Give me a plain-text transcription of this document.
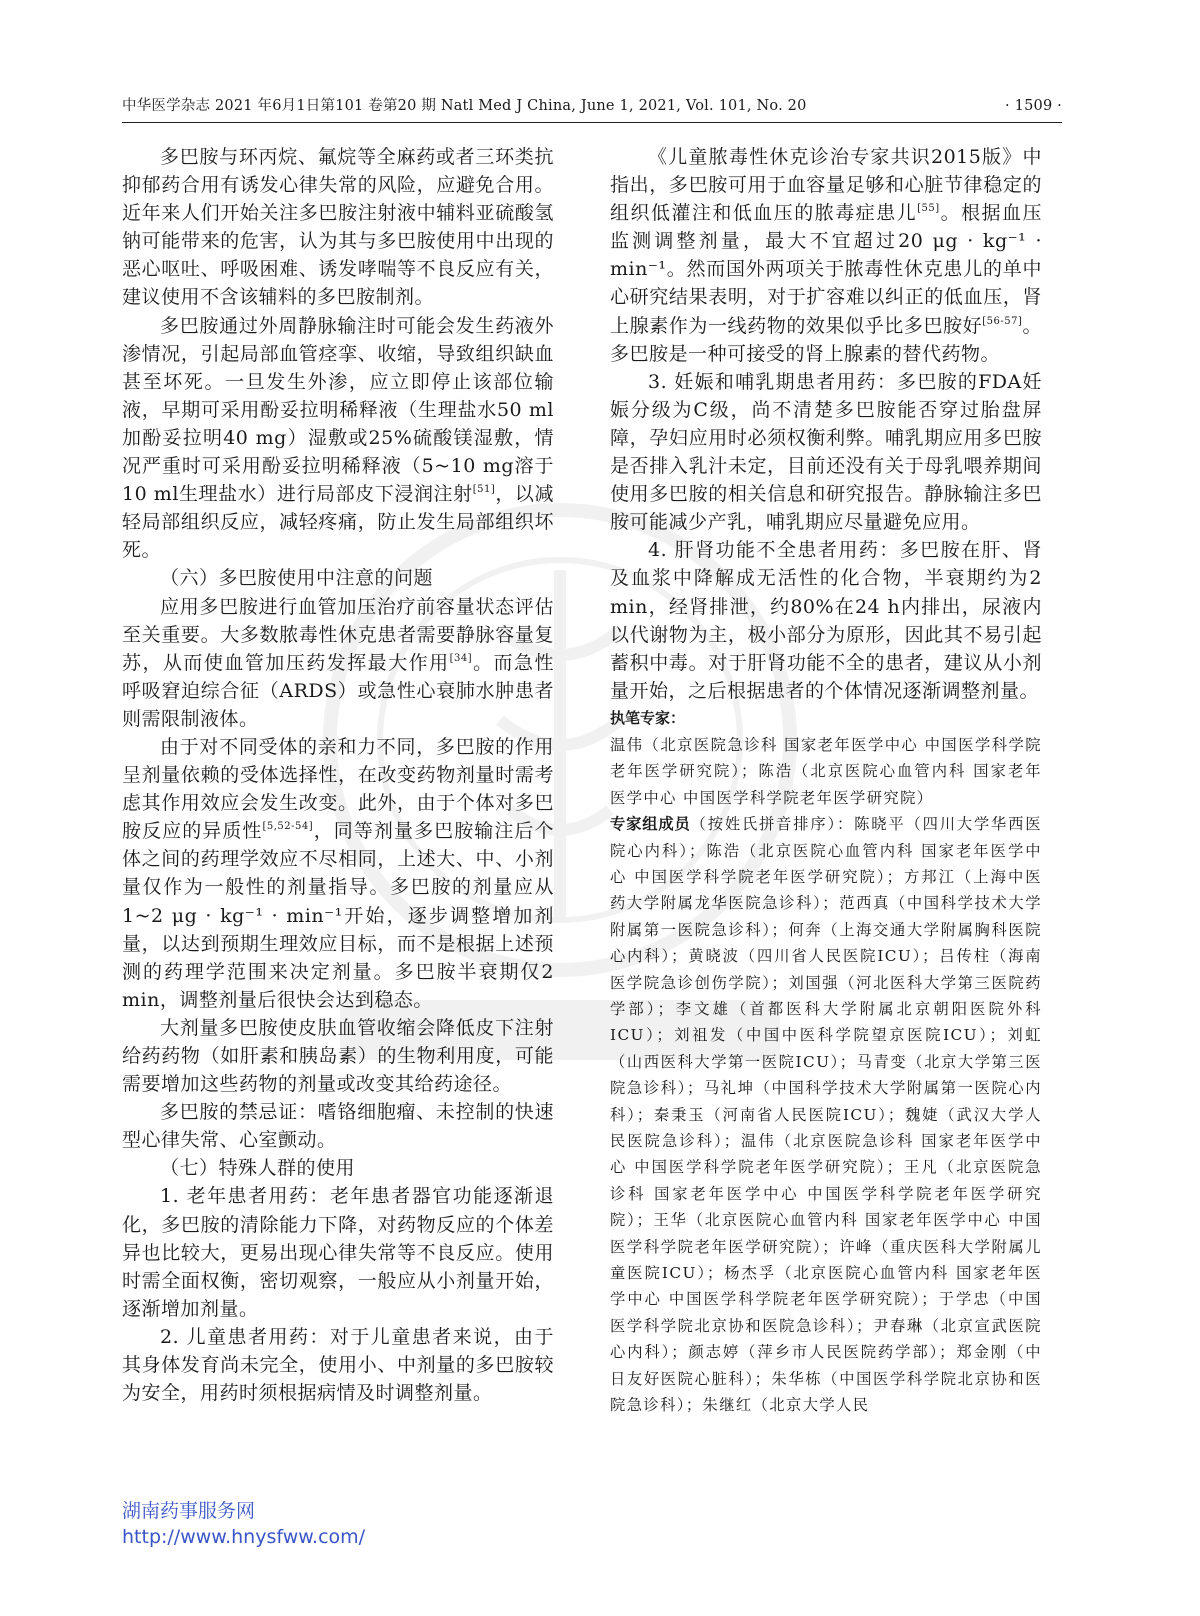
中华医学杂志 2021 年6月1日第101 卷第20 期 Natl Med J China, June 1, 2021, Vol. 101, No. 20	· 1509 ·

多巴胺与环丙烷、氟烷等全麻药或者三环类抗抑郁药合用有诱发心律失常的风险，应避免合用。近年来人们开始关注多巴胺注射液中辅料亚硫酸氢钠可能带来的危害，认为其与多巴胺使用中出现的恶心呕吐、呼吸困难、诱发哮喘等不良反应有关，建议使用不含该辅料的多巴胺制剂。

多巴胺通过外周静脉输注时可能会发生药液外渗情况，引起局部血管痉挛、收缩，导致组织缺血甚至坏死。一旦发生外渗，应立即停止该部位输液，早期可采用酚妥拉明稀释液（生理盐水50 ml加酚妥拉明40 mg）湿敷或25%硫酸镁湿敷，情况严重时可采用酚妥拉明稀释液（5~10 mg溶于10 ml生理盐水）进行局部皮下浸润注射[51]，以减轻局部组织反应，减轻疼痛，防止发生局部组织坏死。

（六）多巴胺使用中注意的问题

应用多巴胺进行血管加压治疗前容量状态评估至关重要。大多数脓毒性休克患者需要静脉容量复苏，从而使血管加压药发挥最大作用[34]。而急性呼吸窘迫综合征（ARDS）或急性心衰肺水肿患者则需限制液体。

由于对不同受体的亲和力不同，多巴胺的作用呈剂量依赖的受体选择性，在改变药物剂量时需考虑其作用效应会发生改变。此外，由于个体对多巴胺反应的异质性[5,52-54]，同等剂量多巴胺输注后个体之间的药理学效应不尽相同，上述大、中、小剂量仅作为一般性的剂量指导。多巴胺的剂量应从1~2 μg · kg⁻¹ · min⁻¹开始，逐步调整增加剂量，以达到预期生理效应目标，而不是根据上述预测的药理学范围来决定剂量。多巴胺半衰期仅2 min，调整剂量后很快会达到稳态。

大剂量多巴胺使皮肤血管收缩会降低皮下注射给药药物（如肝素和胰岛素）的生物利用度，可能需要增加这些药物的剂量或改变其给药途径。

多巴胺的禁忌证：嗜铬细胞瘤、未控制的快速型心律失常、心室颤动。

（七）特殊人群的使用

1. 老年患者用药：老年患者器官功能逐渐退化，多巴胺的清除能力下降，对药物反应的个体差异也比较大，更易出现心律失常等不良反应。使用时需全面权衡，密切观察，一般应从小剂量开始，逐渐增加剂量。

2. 儿童患者用药：对于儿童患者来说，由于其身体发育尚未完全，使用小、中剂量的多巴胺较为安全，用药时须根据病情及时调整剂量。

《儿童脓毒性休克诊治专家共识2015版》中指出，多巴胺可用于血容量足够和心脏节律稳定的组织低灌注和低血压的脓毒症患儿[55]。根据血压监测调整剂量，最大不宜超过20 μg · kg⁻¹ · min⁻¹。然而国外两项关于脓毒性休克患儿的单中心研究结果表明，对于扩容难以纠正的低血压，肾上腺素作为一线药物的效果似乎比多巴胺好[56-57]。多巴胺是一种可接受的肾上腺素的替代药物。

3. 妊娠和哺乳期患者用药：多巴胺的FDA妊娠分级为C级，尚不清楚多巴胺能否穿过胎盘屏障，孕妇应用时必须权衡利弊。哺乳期应用多巴胺是否排入乳汁未定，目前还没有关于母乳喂养期间使用多巴胺的相关信息和研究报告。静脉输注多巴胺可能减少产乳，哺乳期应尽量避免应用。

4. 肝肾功能不全患者用药：多巴胺在肝、肾及血浆中降解成无活性的化合物，半衰期约为2 min，经肾排泄，约80%在24 h内排出，尿液内以代谢物为主，极小部分为原形，因此其不易引起蓄积中毒。对于肝肾功能不全的患者，建议从小剂量开始，之后根据患者的个体情况逐渐调整剂量。

执笔专家：

温伟（北京医院急诊科 国家老年医学中心 中国医学科学院老年医学研究院）；陈浩（北京医院心血管内科 国家老年医学中心 中国医学科学院老年医学研究院）

专家组成员（按姓氏拼音排序）：陈晓平（四川大学华西医院心内科）；陈浩（北京医院心血管内科 国家老年医学中心 中国医学科学院老年医学研究院）；方邦江（上海中医药大学附属龙华医院急诊科）；范西真（中国科学技术大学附属第一医院急诊科）；何奔（上海交通大学附属胸科医院心内科）；黄晓波（四川省人民医院ICU）；吕传柱（海南医学院急诊创伤学院）；刘国强（河北医科大学第三医院药学部）；李文雄（首都医科大学附属北京朝阳医院外科ICU）；刘祖发（中国中医科学院望京医院ICU）；刘虹（山西医科大学第一医院ICU）；马青变（北京大学第三医院急诊科）；马礼坤（中国科学技术大学附属第一医院心内科）；秦秉玉（河南省人民医院ICU）；魏婕（武汉大学人民医院急诊科）；温伟（北京医院急诊科 国家老年医学中心 中国医学科学院老年医学研究院）；王凡（北京医院急诊科 国家老年医学中心 中国医学科学院老年医学研究院）；王华（北京医院心血管内科 国家老年医学中心 中国医学科学院老年医学研究院）；许峰（重庆医科大学附属儿童医院ICU）；杨杰孚（北京医院心血管内科 国家老年医学中心 中国医学科学院老年医学研究院）；于学忠（中国医学科学院北京协和医院急诊科）；尹春琳（北京宣武医院心内科）；颜志婷（萍乡市人民医院药学部）；郑金刚（中日友好医院心脏科）；朱华栋（中国医学科学院北京协和医院急诊科）；朱继红（北京大学人民

湖南药事服务网
http://www.hnysfww.com/
